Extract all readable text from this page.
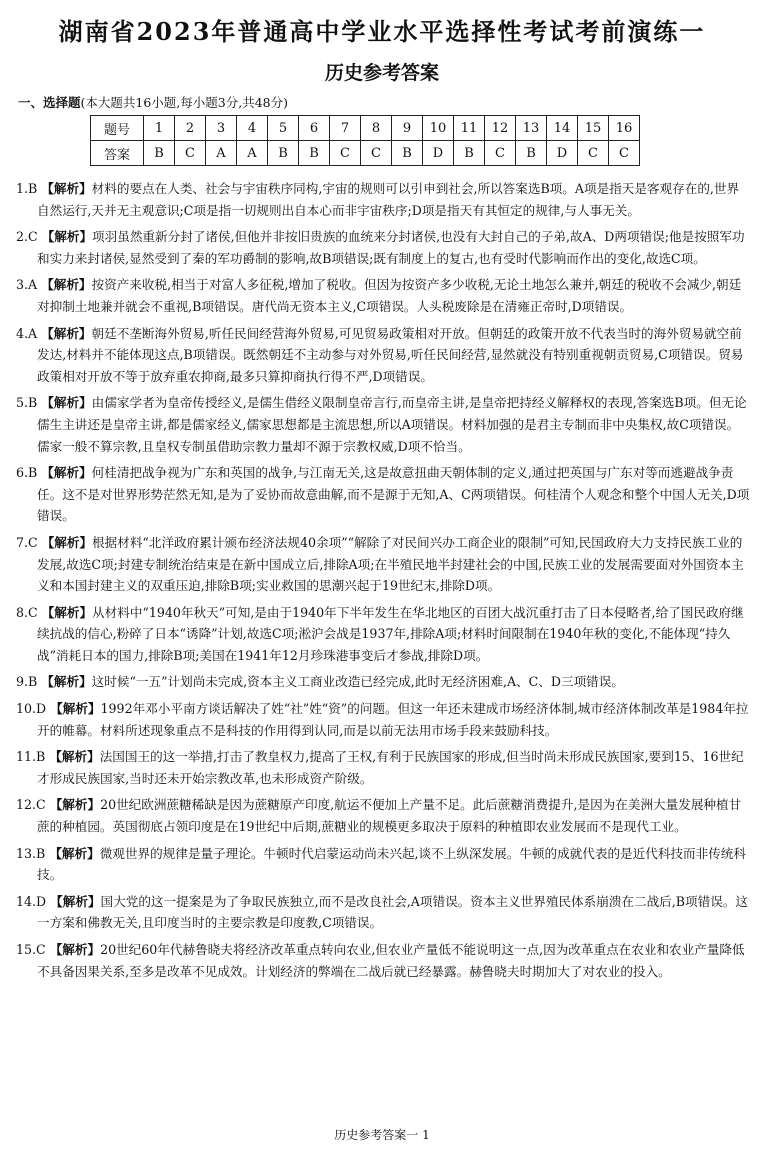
湖南省2023年普通高中学业水平选择性考试考前演练一
历史参考答案
一、选择题(本大题共16小题,每小题3分,共48分)
题号	1	2	3	4	5	6	7	8	9	10	11	12	13	14	15	16
答案	B	C	A	A	B	B	C	C	B	D	B	C	B	D	C	C
1.B 【解析】材料的要点在人类、社会与宇宙秩序同构,宇宙的规则可以引申到社会,所以答案选B项。A项是指天是客观存在的,世界自然运行,天并无主观意识;C项是指一切规则出自本心而非宇宙秩序;D项是指天有其恒定的规律,与人事无关。
2.C 【解析】项羽虽然重新分封了诸侯,但他并非按旧贵族的血统来分封诸侯,也没有大封自己的子弟,故A、D两项错误;他是按照军功和实力来封诸侯,显然受到了秦的军功爵制的影响,故B项错误;既有制度上的复古,也有受时代影响而作出的变化,故选C项。
3.A 【解析】按资产来收税,相当于对富人多征税,增加了税收。但因为按资产多少收税,无论土地怎么兼并,朝廷的税收不会减少,朝廷对抑制土地兼并就会不重视,B项错误。唐代尚无资本主义,C项错误。人头税废除是在清雍正帝时,D项错误。
4.A 【解析】朝廷不垄断海外贸易,听任民间经营海外贸易,可见贸易政策相对开放。但朝廷的政策开放不代表当时的海外贸易就空前发达,材料并不能体现这点,B项错误。既然朝廷不主动参与对外贸易,听任民间经营,显然就没有特别重视朝贡贸易,C项错误。贸易政策相对开放不等于放弃重农抑商,最多只算抑商执行得不严,D项错误。
5.B 【解析】由儒家学者为皇帝传授经义,是儒生借经义限制皇帝言行,而皇帝主讲,是皇帝把持经义解释权的表现,答案选B项。但无论儒生主讲还是皇帝主讲,都是儒家经义,儒家思想都是主流思想,所以A项错误。材料加强的是君主专制而非中央集权,故C项错误。儒家一般不算宗教,且皇权专制虽借助宗教力量却不源于宗教权威,D项不恰当。
6.B 【解析】何桂清把战争视为广东和英国的战争,与江南无关,这是故意扭曲天朝体制的定义,通过把英国与广东对等而逃避战争责任。这不是对世界形势茫然无知,是为了妥协而故意曲解,而不是源于无知,A、C两项错误。何桂清个人观念和整个中国人无关,D项错误。
7.C 【解析】根据材料“北洋政府累计颁布经济法规40余项”“解除了对民间兴办工商企业的限制”可知,民国政府大力支持民族工业的发展,故选C项;封建专制统治结束是在新中国成立后,排除A项;在半殖民地半封建社会的中国,民族工业的发展需要面对外国资本主义和本国封建主义的双重压迫,排除B项;实业救国的思潮兴起于19世纪末,排除D项。
8.C 【解析】从材料中“1940年秋天”可知,是由于1940年下半年发生在华北地区的百团大战沉重打击了日本侵略者,给了国民政府继续抗战的信心,粉碎了日本“诱降”计划,故选C项;淞沪会战是1937年,排除A项;材料时间限制在1940年秋的变化,不能体现“持久战”消耗日本的国力,排除B项;美国在1941年12月珍珠港事变后才参战,排除D项。
9.B 【解析】这时候“一五”计划尚未完成,资本主义工商业改造已经完成,此时无经济困难,A、C、D三项错误。
10.D 【解析】1992年邓小平南方谈话解决了姓“社”姓“资”的问题。但这一年还未建成市场经济体制,城市经济体制改革是1984年拉开的帷幕。材料所述现象重点不是科技的作用得到认同,而是以前无法用市场手段来鼓励科技。
11.B 【解析】法国国王的这一举措,打击了教皇权力,提高了王权,有利于民族国家的形成,但当时尚未形成民族国家,要到15、16世纪才形成民族国家,当时还未开始宗教改革,也未形成资产阶级。
12.C 【解析】20世纪欧洲蔗糖稀缺是因为蔗糖原产印度,航运不便加上产量不足。此后蔗糖消费提升,是因为在美洲大量发展种植甘蔗的种植园。英国彻底占领印度是在19世纪中后期,蔗糖业的规模更多取决于原料的种植即农业发展而不是现代工业。
13.B 【解析】微观世界的规律是量子理论。牛顿时代启蒙运动尚未兴起,谈不上纵深发展。牛顿的成就代表的是近代科技而非传统科技。
14.D 【解析】国大党的这一提案是为了争取民族独立,而不是改良社会,A项错误。资本主义世界殖民体系崩溃在二战后,B项错误。这一方案和佛教无关,且印度当时的主要宗教是印度教,C项错误。
15.C 【解析】20世纪60年代赫鲁晓夫将经济改革重点转向农业,但农业产量低不能说明这一点,因为改革重点在农业和农业产量降低不具备因果关系,至多是改革不见成效。计划经济的弊端在二战后就已经暴露。赫鲁晓夫时期加大了对农业的投入。
历史参考答案一 1
